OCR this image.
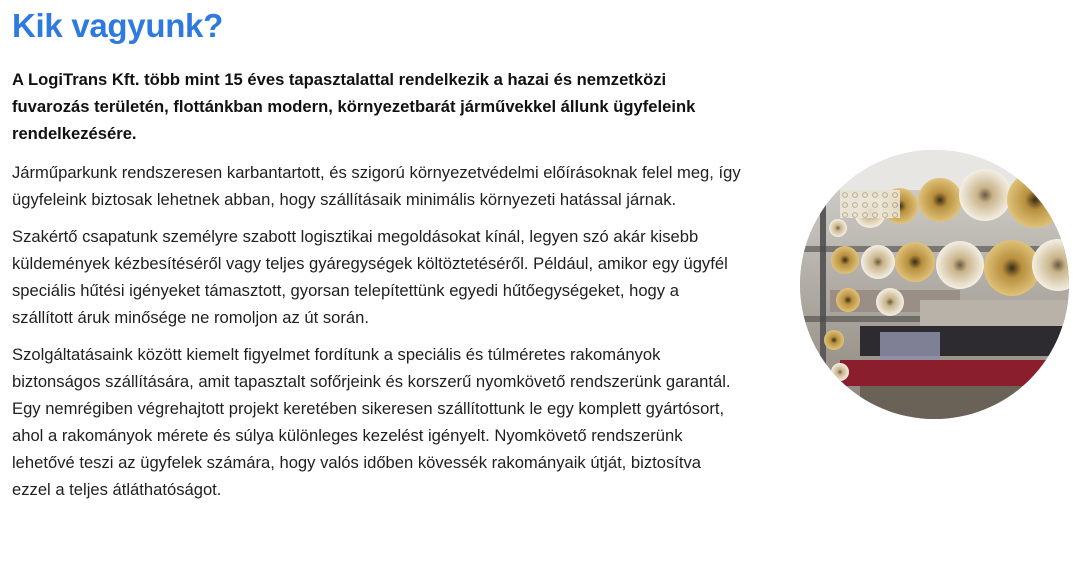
Kik vagyunk?

A LogiTrans Kft. több mint 15 éves tapasztalattal rendelkezik a hazai és nemzetközi fuvarozás területén, flottánkban modern, környezetbarát járművekkel állunk ügyfeleink rendelkezésére.

Járműparkunk rendszeresen karbantartott, és szigorú környezetvédelmi előírásoknak felel meg, így ügyfeleink biztosak lehetnek abban, hogy szállításaik minimális környezeti hatással járnak.

Szakértő csapatunk személyre szabott logisztikai megoldásokat kínál, legyen szó akár kisebb küldemények kézbesítéséről vagy teljes gyáregységek költöztetéséről. Például, amikor egy ügyfél speciális hűtési igényeket támasztott, gyorsan telepítettünk egyedi hűtőegységeket, hogy a szállított áruk minősége ne romoljon az út során.

Szolgáltatásaink között kiemelt figyelmet fordítunk a speciális és túlméretes rakományok biztonságos szállítására, amit tapasztalt sofőrjeink és korszerű nyomkövető rendszerünk garantál. Egy nemrégiben végrehajtott projekt keretében sikeresen szállítottunk le egy komplett gyártósort, ahol a rakományok mérete és súlya különleges kezelést igényelt. Nyomkövető rendszerünk lehetővé teszi az ügyfelek számára, hogy valós időben kövessék rakományaik útját, biztosítva ezzel a teljes átláthatóságot.
